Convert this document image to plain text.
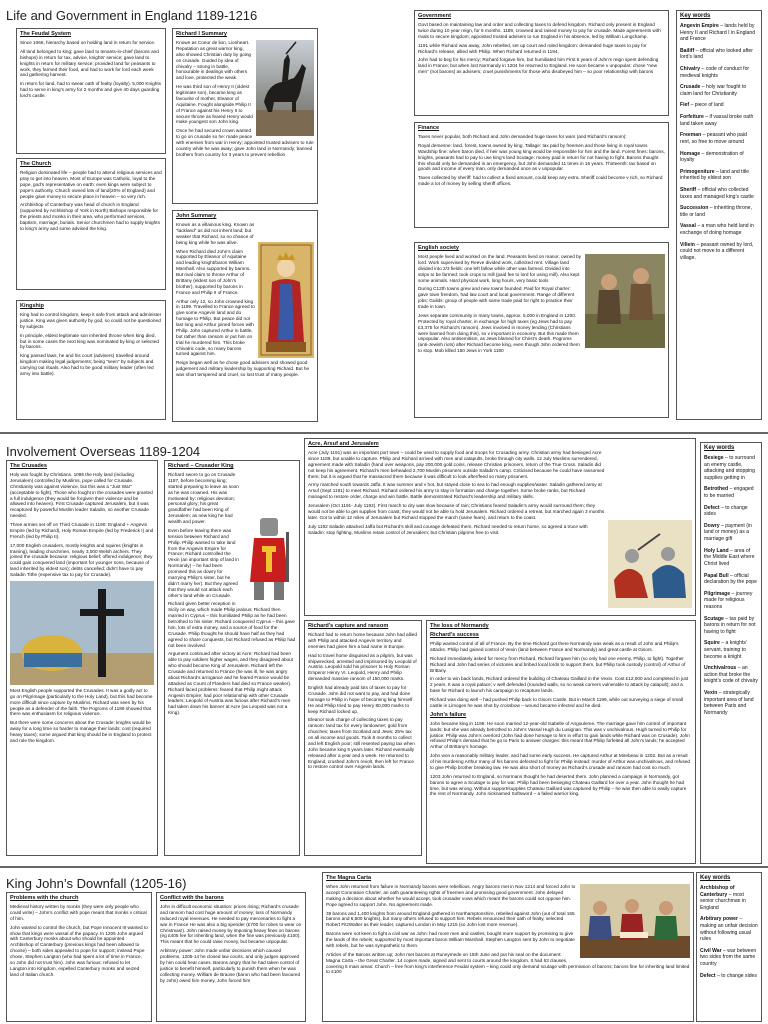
Life and Government in England 1189-1216
The Feudal System

Since 1066, hierarchy based on holding land in return for service.

All land belonged to king; gave land to tenants-in-chief (barons and bishops) in return for tax, advice, knights’ service; gave land to knights in return for military service; provided land for peasants to work, they farmed their food, and had to work for lord each week and gathering harvest.

In return for land, had to swear oath of fealty (loyalty). 5,000 Knights had to serve in king’s army for 2 months and give 40 days guarding lord’s castle.

The Church

Religion dominated life – people had to attend religious services and pray to get into heaven. Most of Europe was Catholic, loyal to the pope, god’s representative on earth: even kings were subject to pope’s authority. Church owned lots of land(20% of England) and people gave money to secure place in heaven – so very rich.

Archbishop of Canterbury was head of church in England (supported by Archbishop of York in North) Bishops responsible for the priests and monks in their area, who performed services, baptism, marriage, burials. Senior churchmen had to supply knights to king’s army and some advised the king.

Kingship

King had to control kingdom, keep it safe from attack and administer justice. King was given authority by god, so could not be questioned by subjects

In principle, eldest legitimate son inherited throne when king died, but in some cases the next king was nominated by king or selected by barons.

King passed laws, he and his court (advisers) travelled around kingdom making legal judgements; being “seen” by subjects and carrying out rituals. Also had to be good military leader (often led army into battle).

Richard I Summary

Known as Coeur de lion, Lionheart. Reputation as great warrior king, also showed Christian duty by going on crusade. Guided by idea of chivalry – strong in battle, honourable in dealings with others and love, protected the weak.

He was third son of Henry II (oldest legitimate son), became king as favourite of mother, Eleanor of Aquitaine. Fought alongside Philip II of France against his Henry II to secure throne as feared Henry would make youngest son John king.

Once he had secured crown wanted to go on crusade so he: made peace with enemies from war in Henry; appointed trusted advisers to rule country while he was away; gave John land in Normandy; banned brothers from country for 3 years to prevent rebellion

John Summary

Known as a villainous king. Known as “lackland” as did not inherit land; but weaker that Richard, so no chance of being king while he was alive.

When Richard died John’s claim supported by Eleanor of Aquitaine and leading knight/baron William Marshall. Also supported by barons. But rival claim to throne Arthur of Brittany (eldest son of John’s brother), supported by barons in France and Philip II of France.

Arthur only 12, so John crowned king in 1199. Travelled to France agreed to give some Angevin land and do homage to Philip, But peace did not last long and Arthur joined forces with Philip. John captured Arthur in battle, but rather than ransom or put him on trial he murdered him. This broke Chivalric code, so many barons turned against him.

Reign began well as he chose good advisers and showed good judgement and military leadership by supporting Richard. But he was short tempered and cruel, so lost trust of many people.

Government

Govt based on maintaining law and order and collecting taxes to defend kingdom. Richard only present in England twice during 10 year reign, for 6 months. 1189, crowned and raised money to pay for crusade. Made agreements with rivals to secure kingdom; appointed trusted advisers to run England in his absence, led by William Longchamp.

1191 while Richard was away, John rebelled, set up court and ruled kingdom: demanded huge taxes to pay for Richard’s release, allied with Philip. When Richard returned in 1194,

John had to beg for his mercy; Richard forgave him, but humiliated him First 6 years of John’s reign spent defending land in France; but when lost Normandy in 1204 he returned to England. He soon became v unpopular: chose “new men” (not barons) as advisers; cruel punishments for those who disobeyed him – so poor relationship with barons

Finance

Taxes never popular, both Richard and John demanded huge taxes for wars (and Richard’s ransom):

Royal demesne: land, forest, towns owned by king. Tallage: tax paid by freemen and those living in royal towns Wardship fine: when baron died, if heir was young king would be responsible for him and the land. Forest fines: barons, knights, peasants had to pay to use king’s land Scutage: money paid in return for not having to fight. Barons thought this should only be demanded in an emergency, but John demanded 11 times in 16 years. Thirteenth: tax based on goods and income of every man, only demanded once as v unpopular.

Taxes collected by sheriff: had to collect a fixed amount, could keep any extra. Sheriff could become v rich, so Richard made a lot of money by selling sheriff offices.

English society

Most people lived and worked on the land. Peasants lived on manor, owned by lord. Work supervised by Reeve divided work, collected rent. Village land divided into 2/3 fields: one left fallow while other was farmed. Divided into strips to be farmed; took crops to mill (paid fee to lord for using mill). Also kept some animals. Hard physical work, long hours, very basic tools

During C12th towns grew and new towns founded. Paid for Royal charter: gave town freedom, had law court and local government. Range of different jobs; Guilds: group of people with same trade paid for right to practice their trade in town.

Jews separate community in many towns, approx. 5,000 in England in 1200. Protected by royal charter, in exchange for high taxes (eg Jews had to pay £3,375 for Richard’s ransom). Jews involved in money lending (Christians were banned from doing this), so v important in economy. But this made them unpopular. Also antisemitism, as Jews blamed for Christ’s death. Pogroms (anti-Jewish riots) after Richard become king, even though John ordered them to stop. Mob killed 150 Jews in York 1190

Key words

Angevin Empire – lands held by Henry II and Richard I in England and France

Bailiff – official who looked after lord’s land

Chivalry – code of conduct for medieval knights

Crusade – holy war fought to claim land for Christianity

Fief – piece of land

Forfeiture – if vassal broke oath land taken away

Freeman – peasant who paid rent, so free to move around

Homage – demonstration of loyalty

Primogeniture – land and title inherited by eldest son

Sheriff – official who collected taxes and managed king’s castle

Succession – inheriting throne, title or land

Vassal – a man who held land in exchange of doing homage

Villein – peasant owned by lord, could not move to a different village.

Involvement Overseas 1189-1204
The Crusades

Holy war fought by Christians. 1095 the Holy land (including Jerusalem) controlled by Muslims, pope called for Crusade. Christianity was against violence, but this was a “Just War” (acceptable to fight). Those who fought in the crusades were granted a full indulgence (they would be forgiven their violence and be allowed into heaven). First Crusade captured Jerusalem, but it was recaptured by powerful Muslim leader Saladin, so another Crusade needed.

Three armies set off on Third Crusade in 1190: England + Angevin Empire (led by Richard), Holy Roman Empire (led by Frederick I) and French (led by Philip II).

17,000 English crusaders, mostly knights and squires (knights in training), leading churchmen, nearly 3,000 Welsh archers. They joined the crusade because: religious belief; offered indulgence; they could gain conquered land (important for younger sons, because of land inherited by eldest son); debts cancelled; didn’t have to pay Saladin Tithe (expensive tax to pay for Crusade).

Most English people supported the Crusades. It was a godly act to go on Pilgrimage (particularly to the Holy Land), but this had become more difficult since capture by Muslims. Richard was seen by his people as a defender of the faith. The Pogroms of 1189 showed that there was enthusiasm for religious violence.

But there were some concerns about the Crusade: knights would be away for a long time so harder to manage their lands; cost (required heavy taxes); some argued that king should be in England to protect and rule the kingdom.

Richard – Crusader King

Richard swore to go on Crusade 1187, before becoming king; started preparing to leave as soon as he was crowned. His was motivated by: religious devotion; personal glory; his great grandfather had been King of Jerusalem; as new king he had wealth and power.

Even before leaving there was tension between Richard and Philip. Philip wanted to take land from the Angevin Empire for France; Richard controlled the Vexin (an important strip of land in Normandy) – he had been promised this as dowry for marrying Philip’s sister, but he didn’t marry her). But they agreed that they would not attack each other’s land while on Crusade.

Richard given better reception in Sicily on way, which made Philip jealous; Richard then married in Cyprus – this humiliated Philip as he had been betrothed to his sister. Richard conquered Cyprus – this gave him, lots of extra money, and a source of food for the Crusade. Philip thought he should have half as they had agreed to share conquests, but Richard refused as Philip had not been involved.

Argument continued after victory at Acre: Richard had been able to pay soldiers higher wages, and they disagreed about who should become King of Jerusalem. Richard left the Crusade and returned to France (he was ill, he was angry about Richard’s arrogance and he feared France would be attacked as Count of Flanders had died so France weaker). Richard faced problems: feared that Philip might attack Angevin Empire; had poor relationship with other Crusade leaders; Leopold of Austria was furious after Richard’s men had taken down his banner at Acre (as Leopold was not a King).

Acre, Arsuf and Jerusalem

Acre (July 1191) was an important port town – could be used to supply food and troops for Crusading army. Christian army had besieged Acre since 1189, but unable to capture. Philip and Richard arrived with men and catapults, broke through city walls. 12 July Muslims surrendered, agreement made with Saladin (hand over weapons, pay 200,000 gold coins, release Christian prisoners, return of the True Cross. Saladin did not keep his agreement. Richard’s men beheaded 2,700 Muslim prisoners outside Saladin’s camp. Criticised because he could have ransomed them; but it is argued that he massacred them because it was difficult to look after/feed so many prisoners.

Army marched south towards Jaffa. It was summer and v hot, but stayed close to sea to had enough supplies/water. Saladin gathered army at Arsuf (Sept 1191) to meet Richard. Richard ordered his army to stay in formation and charge together. Some broke ranks, but Richard managed to restore order, charge and win battle. Battle demonstrated Richard’s leadership and military skills.

Jerusalem (Oct 1191- July 1192). First march to city was slow because of rain; Christians feared Saladin’s army would surround them; they would not be able to get supplies from coast; they would not be able to hold Jerusalem. Richard ordered a retreat, but marched again 3 months later. Got to within 12 miles of Jerusalem but Richard stopped the march (same fears), and return to the coast.

July 1192 Saladin attacked Jaffa but Richard’s skill and courage defeated them. Richard needed to return home, so agreed a truce with Saladin: stop fighting, Muslims retain control of Jerusalem; but Christian pilgrims free to visit.

Richard’s capture and ransom

Richard had to return home because John had allied with Philip and attacked Angevin territory and enemies had given him a bad name in Europe.

Had to travel home disguised as a pilgrim, but was shipwrecked, arrested and imprisoned by Leopold of Austria. Leopold sold his prisoner to Holy Roman Emperor Henry VI. Leopold, Henry and Philip demanded massive ransom of 150,000 marks.

English had already paid lots of taxes to pay for Crusade. John did not want to pay, and had done homage to Philip in hope of becoming king himself. He and Philip tried to pay Henry 80,000 marks to keep Richard locked up.

Eleanor took charge of collecting taxes to pay ransom: land tax for every landowner; gold from churches; taxes from Scotland and Jews; 25% tax on all income and goods. Took 8 months to collect and left English poor; still resented paying tax when John became king 5 years later. Richard eventually released after a year and a week. He returned to England, crushed John’s revolt, then left for France to restore control over Angevin lands.

The loss of Normandy
Richard’s success

Philip wanted control of all of France. By the time Richard got there Normandy was weak as a result of John and Philip’s attacks. Philip had gained control of Vexin (land between France and Normandy) and great castle at Gisors.

Richard immediately asked for mercy from Richard, Richard forgave him (so only had one enemy, Philip, to fight). Together Richard and John had series of victories and bribed local lords to support them, but Philip took custody (control) of Arthur of Brittany.

In order to win back lands, Richard ordered the building of Chateau Gaillard in the Vexin. Cost £12,000 and completed in just 2 years. It was a royal palace; v well defended (rounded walls, so no weak corners vulnerable to attack by catapult); and a base for Richard to launch his campaign to recapture lands.

Richard was doing well – had pushed Philip back to Gisors Castle. But in March 1199, while out surveying a siege of small castle in Limoges he was shot by crossbow – wound became infected and he died.

John’s failure

John became king in 1199. He soon married 12-year-old Isabelle of Angouleme. The marriage gave him control of important lands; but she was already betrothed to John’s Vassal Hugh du Lusignan. This was v unchivalrous. Hugh turned to Philip for justice. Philip was John’s overlord (John had done homage to him in effort to gain lands while Richard was on Crusade). John refused Philip’s demand that he go to Paris to answer charges: this meant that Philip forfeited all John’s lands; he accepted Arthur of Brittany’s homage.

John won a reasonably military leader, and had some early success. He captured Arthur at Mirebeau in 1202. But as a result of his murdering Arthur many of his barons defected to fight for Philip instead: murder of Arthur was unchivalrous, and refused to give Philip brother breaking law. He was also short of money as Richard’s crusade and ransom had cost so much.

1203 John returned to England, so Normans thought he had deserted them. John planned a campaign in Normandy, got barons to agree a Scutage to pay for war. Philip had been besieging Chateau Gaillard for over a year. John thought he had time, but was wrong. Without support/supplies Chateau Gaillard was captured by Philip – he was then able to easily capture the rest of Normandy. John nicknamed Softsword – a failed warrior king.

Key words

Besiege – to surround an enemy castle, attacking and stopping supplies getting in

Betrothed – engaged to be married

Defect – to change sides

Dowry – payment (in land or money) as a marriage gift

Holy Land – area of the Middle East where Christ lived

Papal Bull – official declaration by the pope

Pilgrimage – journey made for religious reasons

Scutage – tax paid by barons in return for not having to fight

Squire – a knights’ servant, training to become a knight

Unchivalrous – an action that broke the knight’s code of chivalry

Vexin – strategically important area of land between Paris and Normandy

King John’s Downfall (1205-16)
Problems with the church

Medieval history written by monks (they were only people who could write) – John’s conflict with pope meant that monks v critical of him.

John wanted to control the church, but Pope Innocent III wanted to show that kings were vassal of the papacy. In 1205 John argued with Canterbury monks about who should be appointed Archbishop of Canterbury (previous kings had been allowed to choose) – both sides appealed to pope for support; instead Pope chose, Stephen Langton (who had spent a lot of time in France, so John did not trust him). John was furious: refused to let Langton into Kingdom, expelled Canterbury monks and seized land of Italian church.

Conflict with the barons

John in difficult economic situation: prices rising; Richard’s crusade and ransom had cost huge amount of money; loss of Normandy reduced royal revenues. He needed to pay mercenaries to fight a war in France He was also a big spender (£700 for robes to wear on Christmas!). John raised money by imposing heavy fines on barons (eg £405 fee for inheriting land, when the fine was previously £100). This meant that he could raise money, but became unpopular.

Arbitrary power: John made unfair decisions which caused problems. 1205-14 he closed law courts, and only judges approved by him could hear cases. Barons angry that he had taken control of justice to benefit himself, particularly to punish them when he was collecting money. William de Braose (baron who had been favoured by John) owed him money, John forced him

The Magna Carta

When John returned from failure in Normandy barons were rebellious. Angry barons met in Nov 1214 and forced John to accept Coronation Charter, an oath guaranteeing rights of freemen and promising good government. John delayed making a decision about whether he would accept, took crusader vows which meant the barons could not oppose him. Pope agreed to support John. No agreement made.

39 barons and 1,400 knights from around England gathered in Northamptonshire, rebelled against John (out of total 165 barons and 6,500 knights), but many others refused to support him. Rebels renounced their oath of fealty, selected Robert FitzWalter as their leader, captured London in May 1215 (so John lost more revenue).

Barons were not keen to fight a civil war as John: had more men and castles; bought more support by promising to give the lands of the rebels; supported by most important baron William Marshall. Stephen Langton sent by John to negotiate with rebels, but he was sympathetic to them.

Articles of the Barons written up; John met barons at Runnymede on 15th June and put his seal on the document: Magna Carta – the Great Charter. 14 copies made, signed and sent to courts around the kingdom. It had 63 clauses, covering 5 main areas: Church – free from king’s interference Feudal system – king could only demand scutage with permission of barons; barons fine for inheriting land limited to £100

Key words

Archbishop of Canterbury – most senior churchman in England

Arbitrary power – making an unfair decision without following usual rules

Civil War – war between two sides from the same country

Defect – to change sides
